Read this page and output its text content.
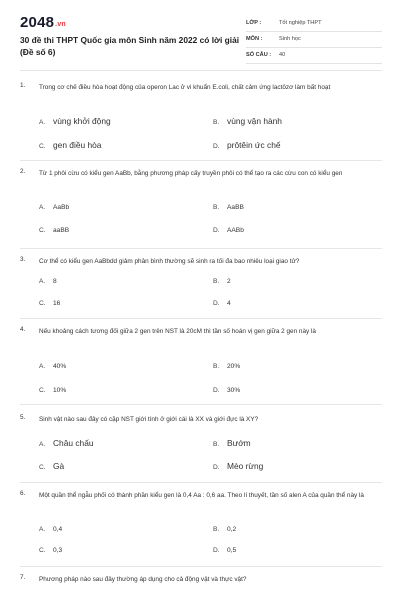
2048.vn
30 đề thi THPT Quốc gia môn Sinh năm 2022 có lời giải (Đề số 6)
LỚP :	Tốt nghiệp THPT
MÔN :	Sinh học
SỐ CÂU : 40
1. Trong cơ chế điều hòa hoạt động của operon Lac ở vi khuẩn E.coli, chất cảm ứng lactôzơ làm bất hoạt
A. vùng khởi động	B. vùng vận hành
C. gen điều hòa	D. prôtêin ức chế
2. Từ 1 phôi cừu có kiểu gen AaBb, bằng phương pháp cấy truyền phôi có thể tạo ra các cừu con có kiểu gen
A. AaBb	B. AaBB
C. aaBB	D. AABb
3. Cơ thể có kiểu gen AaBbdd giảm phân bình thường sẽ sinh ra tối đa bao nhiêu loại giao tử?
A. 8	B. 2
C. 16	D. 4
4. Nếu khoảng cách tương đối giữa 2 gen trên NST là 20cM thì tần số hoán vị gen giữa 2 gen này là
A. 40%	B. 20%
C. 10%	D. 30%
5. Sinh vật nào sau đây có cặp NST giới tính ở giới cái là XX và giới đực là XY?
A. Châu chấu	B. Bướm
C. Gà	D. Mèo rừng
6. Một quần thể ngẫu phối có thành phần kiểu gen là 0,4 Aa : 0,6 aa. Theo lí thuyết, tần số alen A của quần thể này là
A. 0,4	B. 0,2
C. 0,3	D. 0,5
7. Phương pháp nào sau đây thường áp dụng cho cả động vật và thực vật?
